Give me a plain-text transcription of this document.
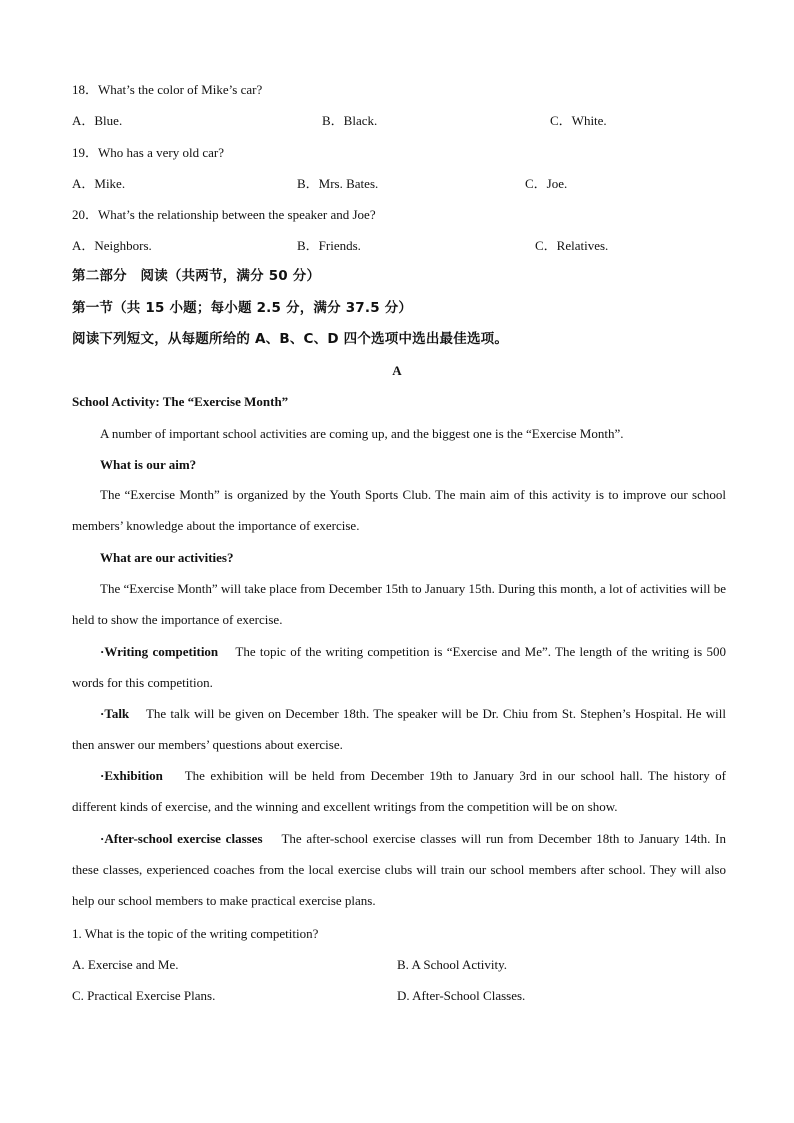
18．What’s the color of Mike’s car?
A．Blue.	B．Black.	C．White.
19．Who has a very old car?
A．Mike.	B．Mrs. Bates.	C．Joe.
20．What’s the relationship between the speaker and Joe?
A．Neighbors.	B．Friends.	C．Relatives.
第二部分　阅读（共两节，满分 50 分）
第一节（共 15 小题；每小题 2.5 分，满分 37.5 分）
阅读下列短文，从每题所给的 A、B、C、D 四个选项中选出最佳选项。
A
School Activity: The “Exercise Month”
A number of important school activities are coming up, and the biggest one is the “Exercise Month”.
What is our aim?
The “Exercise Month” is organized by the Youth Sports Club. The main aim of this activity is to improve our school members’ knowledge about the importance of exercise.
What are our activities?
The “Exercise Month” will take place from December 15th to January 15th. During this month, a lot of activities will be held to show the importance of exercise.
·Writing competition The topic of the writing competition is “Exercise and Me”. The length of the writing is 500 words for this competition.
·Talk The talk will be given on December 18th. The speaker will be Dr. Chiu from St. Stephen’s Hospital. He will then answer our members’ questions about exercise.
·Exhibition The exhibition will be held from December 19th to January 3rd in our school hall. The history of different kinds of exercise, and the winning and excellent writings from the competition will be on show.
·After-school exercise classes The after-school exercise classes will run from December 18th to January 14th. In these classes, experienced coaches from the local exercise clubs will train our school members after school. They will also help our school members to make practical exercise plans.
1. What is the topic of the writing competition?
A. Exercise and Me.	B. A School Activity.
C. Practical Exercise Plans.	D. After-School Classes.
